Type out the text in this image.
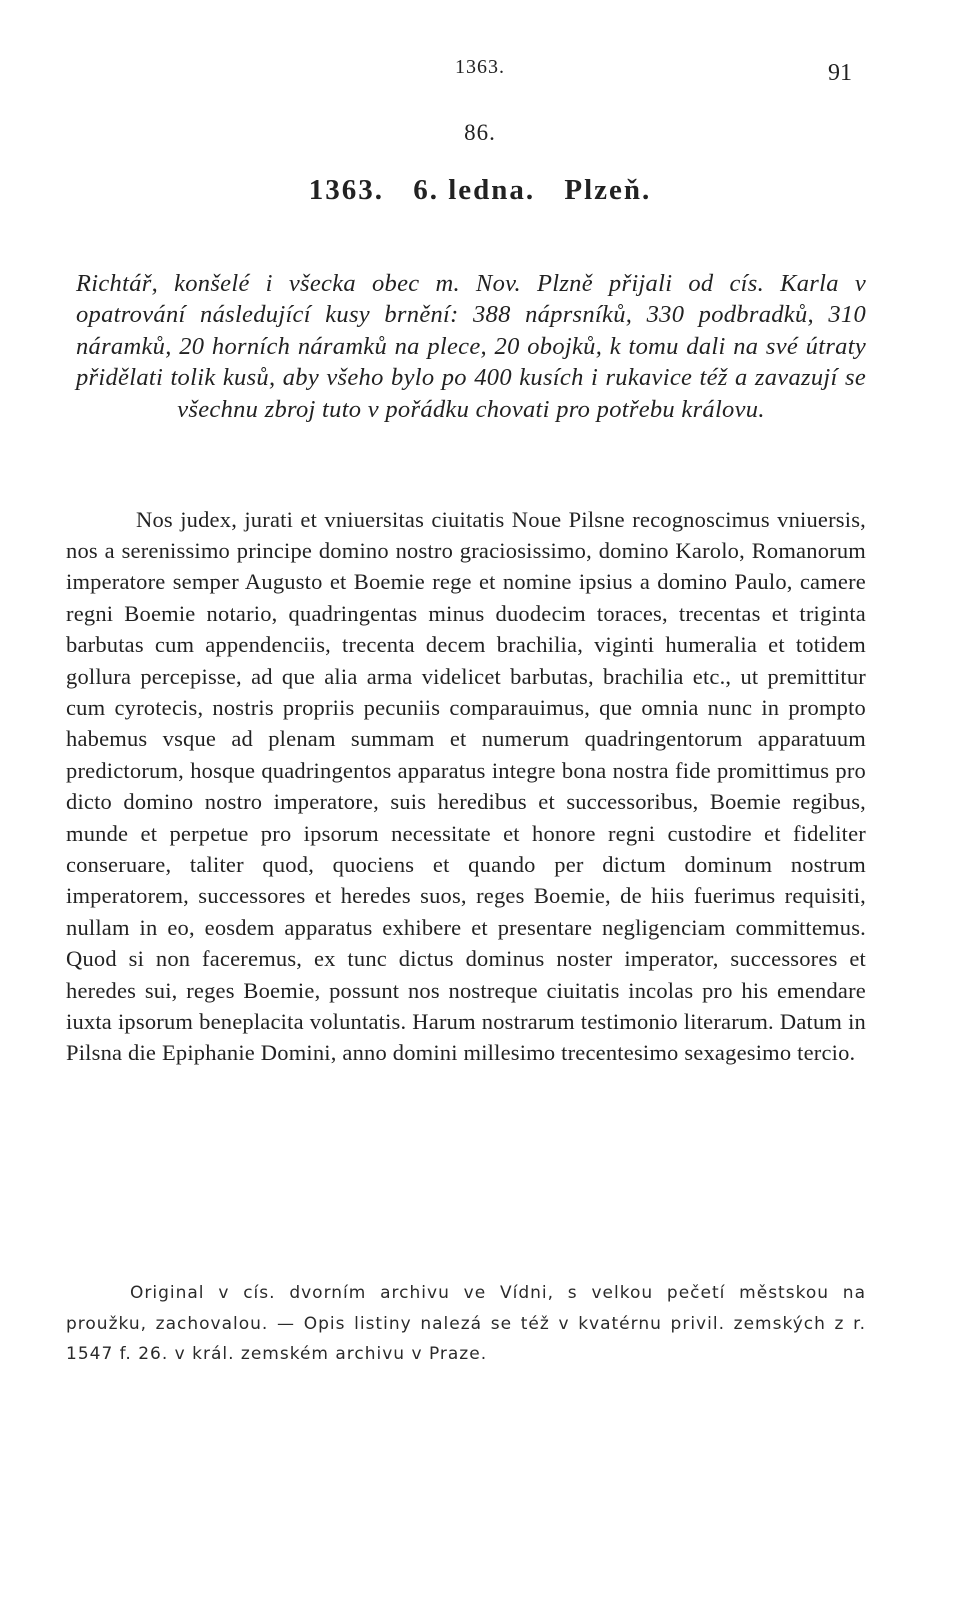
1363.	91
86.
1363. 6. ledna. Plzeň.

Richtář, konšelé i všecka obec m. Nov. Plzně přijali od cís. Karla v opatrování následující kusy brnění: 388 náprsníků, 330 podbradků, 310 náramků, 20 horních náramků na plece, 20 obojků, k tomu dali na své útraty přidělati tolik kusů, aby všeho bylo po 400 kusích i rukavice též a zavazují se všechnu zbroj tuto v pořádku chovati pro potřebu královu.

Nos judex, jurati et vniuersitas ciuitatis Noue Pilsne recognoscimus vniuersis, nos a serenissimo principe domino nostro graciosissimo, domino Karolo, Romanorum imperatore semper Augusto et Boemie rege et nomine ipsius a domino Paulo, camere regni Boemie notario, quadringentas minus duodecim toraces, trecentas et triginta barbutas cum appendenciis, trecenta decem brachilia, viginti humeralia et totidem gollura percepisse, ad que alia arma videlicet barbutas, brachilia etc., ut premittitur cum cyrotecis, nostris propriis pecuniis comparauimus, que omnia nunc in prompto habemus vsque ad plenam summam et numerum quadringentorum apparatuum predictorum, hosque quadringentos apparatus integre bona nostra fide promittimus pro dicto domino nostro imperatore, suis heredibus et successoribus, Boemie regibus, munde et perpetue pro ipsorum necessitate et honore regni custodire et fideliter conseruare, taliter quod, quociens et quando per dictum dominum nostrum imperatorem, successores et heredes suos, reges Boemie, de hiis fuerimus requisiti, nullam in eo, eosdem apparatus exhibere et presentare negligenciam committemus. Quod si non faceremus, ex tunc dictus dominus noster imperator, successores et heredes sui, reges Boemie, possunt nos nostreque ciuitatis incolas pro his emendare iuxta ipsorum beneplacita voluntatis. Harum nostrarum testimonio literarum. Datum in Pilsna die Epiphanie Domini, anno domini millesimo trecentesimo sexagesimo tercio.

Original v cís. dvorním archivu ve Vídni, s velkou pečetí městskou na proužku, zachovalou. — Opis listiny nalezá se též v kvatérnu privil. zemských z r. 1547 f. 26. v král. zemském archivu v Praze.
